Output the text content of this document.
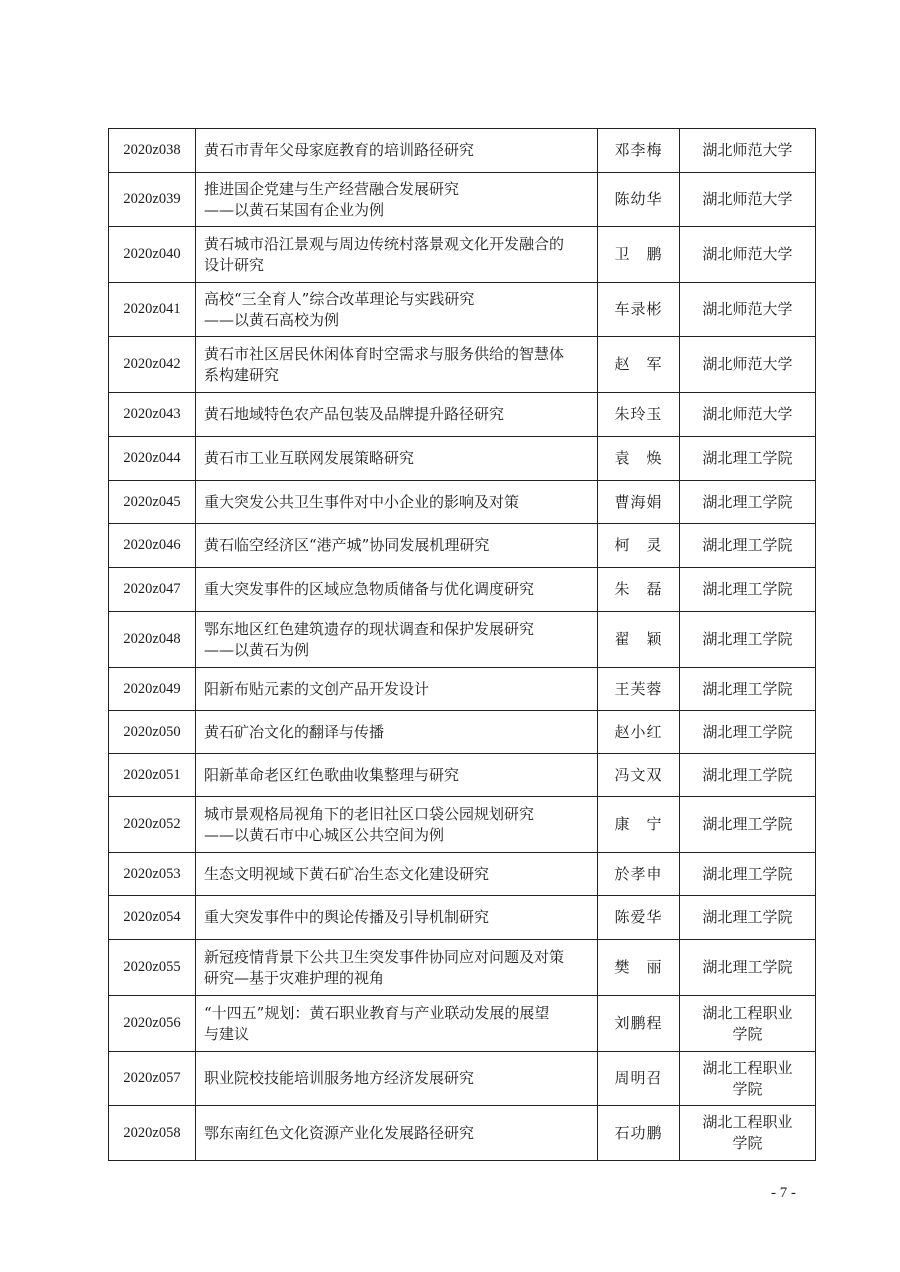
2020z038	黄石市青年父母家庭教育的培训路径研究	邓李梅	湖北师范大学

2020z039	推进国企党建与生产经营融合发展研究
——以黄石某国有企业为例	陈幼华	湖北师范大学

2020z040	黄石城市沿江景观与周边传统村落景观文化开发融合的
设计研究	卫　鹏	湖北师范大学

2020z041	高校“三全育人”综合改革理论与实践研究
——以黄石高校为例	车录彬	湖北师范大学

2020z042	黄石市社区居民休闲体育时空需求与服务供给的智慧体
系构建研究	赵　军	湖北师范大学

2020z043	黄石地域特色农产品包装及品牌提升路径研究	朱玲玉	湖北师范大学

2020z044	黄石市工业互联网发展策略研究	袁　焕	湖北理工学院

2020z045	重大突发公共卫生事件对中小企业的影响及对策	曹海娟	湖北理工学院

2020z046	黄石临空经济区“港产城”协同发展机理研究	柯　灵	湖北理工学院

2020z047	重大突发事件的区域应急物质储备与优化调度研究	朱　磊	湖北理工学院

2020z048	鄂东地区红色建筑遗存的现状调查和保护发展研究
——以黄石为例	翟　颖	湖北理工学院

2020z049	阳新布贴元素的文创产品开发设计	王芙蓉	湖北理工学院

2020z050	黄石矿冶文化的翻译与传播	赵小红	湖北理工学院

2020z051	阳新革命老区红色歌曲收集整理与研究	冯文双	湖北理工学院

2020z052	城市景观格局视角下的老旧社区口袋公园规划研究
——以黄石市中心城区公共空间为例	康　宁	湖北理工学院

2020z053	生态文明视域下黄石矿冶生态文化建设研究	於孝申	湖北理工学院

2020z054	重大突发事件中的舆论传播及引导机制研究	陈爱华	湖北理工学院

2020z055	新冠疫情背景下公共卫生突发事件协同应对问题及对策
研究—基于灾难护理的视角	樊　丽	湖北理工学院

2020z056	“十四五”规划：黄石职业教育与产业联动发展的展望
与建议	刘鹏程	湖北工程职业
学院

2020z057	职业院校技能培训服务地方经济发展研究	周明召	湖北工程职业
学院

2020z058	鄂东南红色文化资源产业化发展路径研究	石功鹏	湖北工程职业
学院
- 7 -
